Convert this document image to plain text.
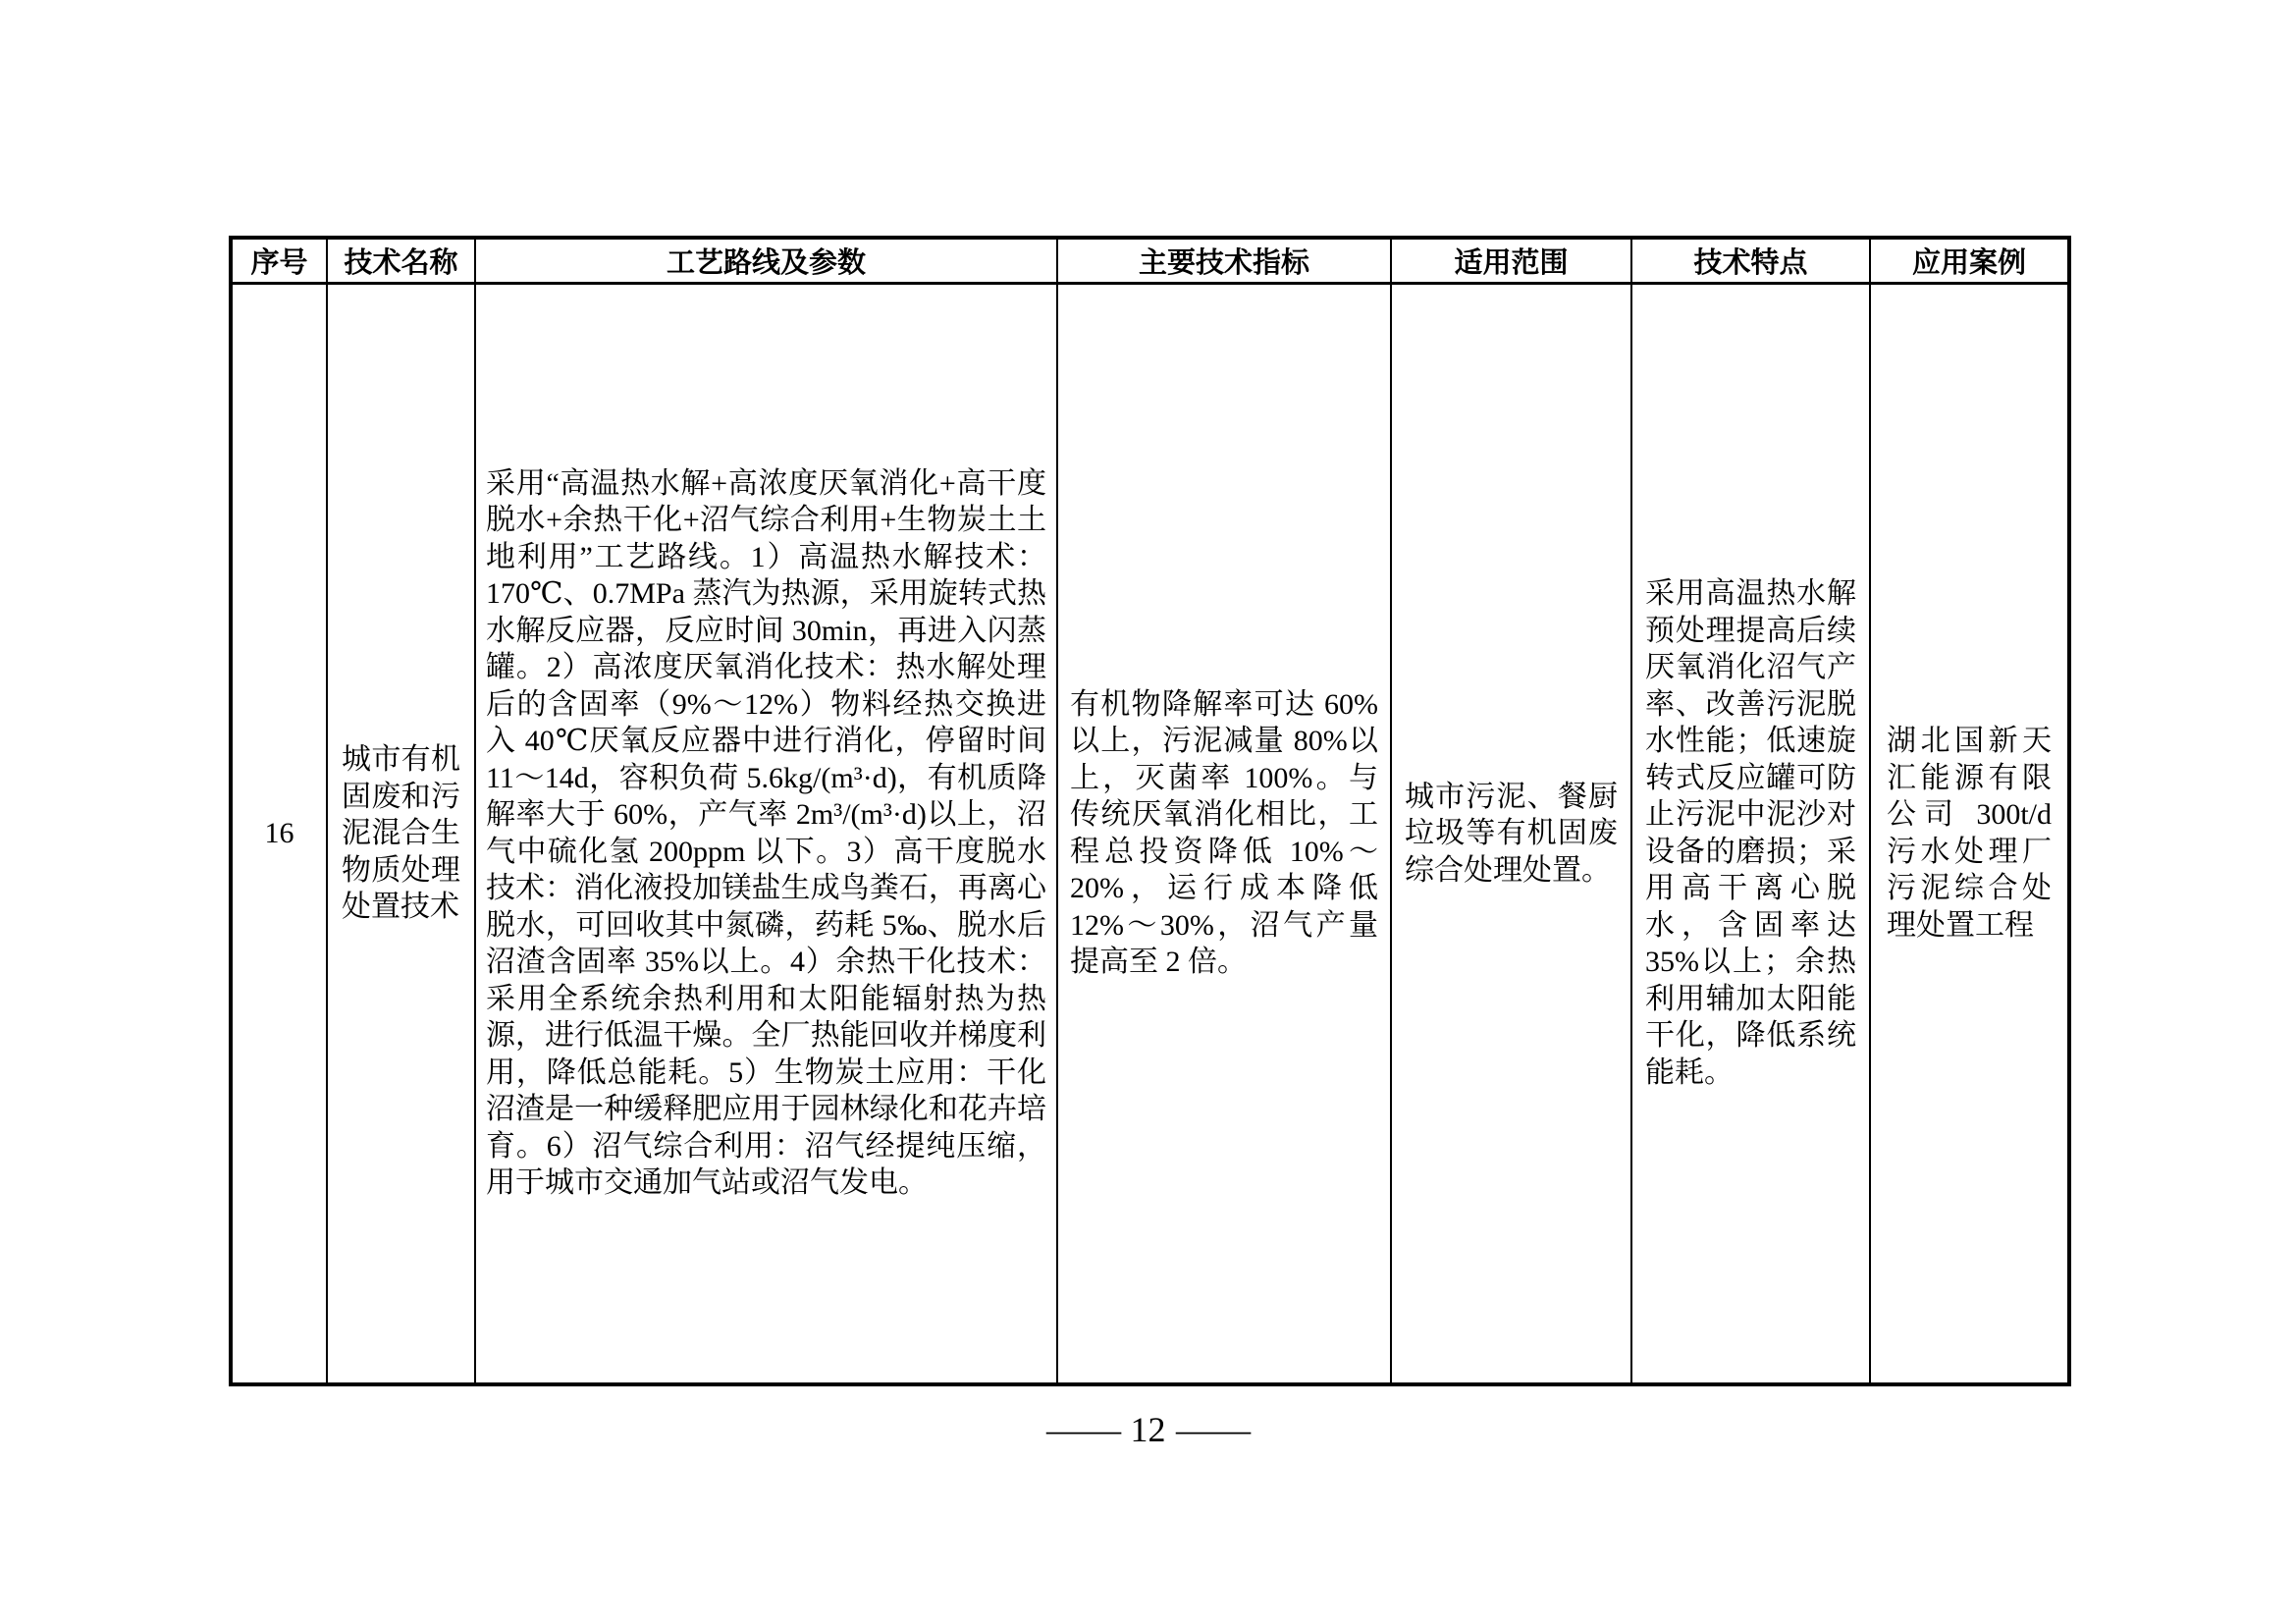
序号	技术名称	工艺路线及参数	主要技术指标	适用范围	技术特点	应用案例
16	城市有机固废和污泥混合生物质处理处置技术	采用“高温热水解+高浓度厌氧消化+高干度脱水+余热干化+沼气综合利用+生物炭土土地利用”工艺路线。1）高温热水解技术：170℃、0.7MPa 蒸汽为热源，采用旋转式热水解反应器，反应时间 30min，再进入闪蒸罐。2）高浓度厌氧消化技术：热水解处理后的含固率（9%～12%）物料经热交换进入 40℃厌氧反应器中进行消化，停留时间 11～14d，容积负荷 5.6kg/(m³·d)，有机质降解率大于 60%，产气率 2m³/(m³·d)以上，沼气中硫化氢 200ppm 以下。3）高干度脱水技术：消化液投加镁盐生成鸟粪石，再离心脱水，可回收其中氮磷，药耗 5‰、脱水后沼渣含固率 35%以上。4）余热干化技术：采用全系统余热利用和太阳能辐射热为热源，进行低温干燥。全厂热能回收并梯度利用，降低总能耗。5）生物炭土应用：干化沼渣是一种缓释肥应用于园林绿化和花卉培育。6）沼气综合利用：沼气经提纯压缩，用于城市交通加气站或沼气发电。	有机物降解率可达 60%以上，污泥减量 80%以上，灭菌率 100%。与传统厌氧消化相比，工程总投资降低 10%～20%，运行成本降低 12%～30%，沼气产量提高至 2 倍。	城市污泥、餐厨垃圾等有机固废综合处理处置。	采用高温热水解预处理提高后续厌氧消化沼气产率、改善污泥脱水性能；低速旋转式反应罐可防止污泥中泥沙对设备的磨损；采用高干离心脱水，含固率达 35%以上；余热利用辅加太阳能干化，降低系统能耗。	湖北国新天汇能源有限公司 300t/d 污水处理厂污泥综合处理处置工程
— 12 —
